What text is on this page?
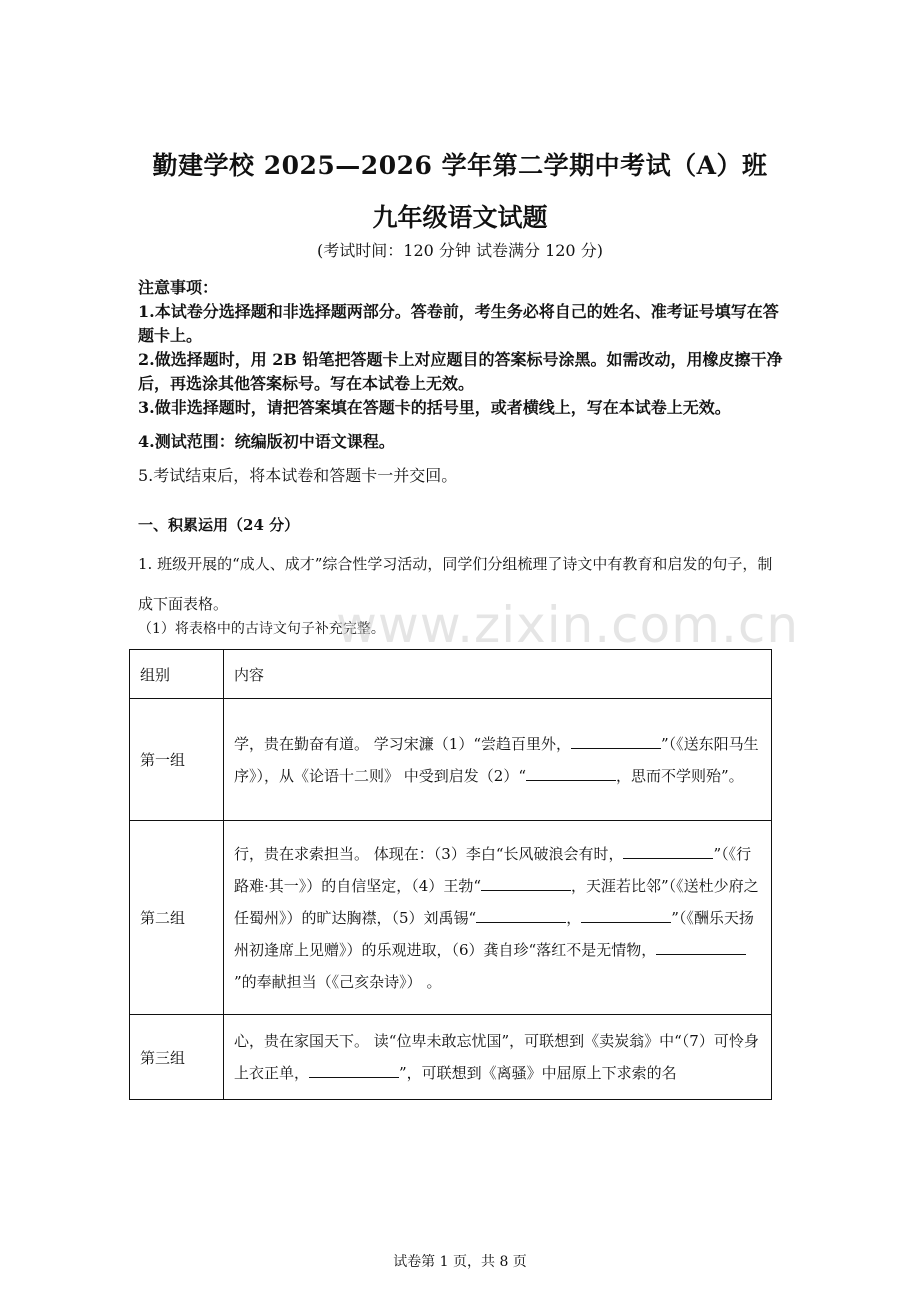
勤建学校 2025—2026 学年第二学期中考试（A）班
九年级语文试题
(考试时间：120 分钟 试卷满分 120 分)
注意事项：
1.本试卷分选择题和非选择题两部分。答卷前，考生务必将自己的姓名、准考证号填写在答题卡上。
2.做选择题时，用 2B 铅笔把答题卡上对应题目的答案标号涂黑。如需改动，用橡皮擦干净后，再选涂其他答案标号。写在本试卷上无效。
3.做非选择题时，请把答案填在答题卡的括号里，或者横线上，写在本试卷上无效。
4.测试范围：统编版初中语文课程。
5.考试结束后，将本试卷和答题卡一并交回。
一、积累运用（24 分）
1. 班级开展的“成人、成才”综合性学习活动，同学们分组梳理了诗文中有教育和启发的句子，制成下面表格。
（1）将表格中的古诗文句子补充完整。
www.zixin.com.cn
组别	内容
第一组	学，贵在勤奋有道。 学习宋濂（1）“尝趋百里外， ”（《送东阳马生序》），从《论语十二则》 中受到启发（2）“ ，思而不学则殆”。
第二组	行，贵在求索担当。 体现在：（3）李白“长风破浪会有时， ”（《行路难·其一》）的自信坚定，（4）王勃“ ，天涯若比邻”（《送杜少府之任蜀州》）的旷达胸襟，（5）刘禹锡“ ， ”（《酬乐天扬州初逢席上见赠》）的乐观进取，（6）龚自珍“落红不是无情物，”的奉献担当（《己亥杂诗》） 。
第三组	心，贵在家国天下。 读“位卑未敢忘忧国”，可联想到《卖炭翁》中“（7）可怜身上衣正单， ”，可联想到《离骚》中屈原上下求索的名
试卷第 1 页，共 8 页
